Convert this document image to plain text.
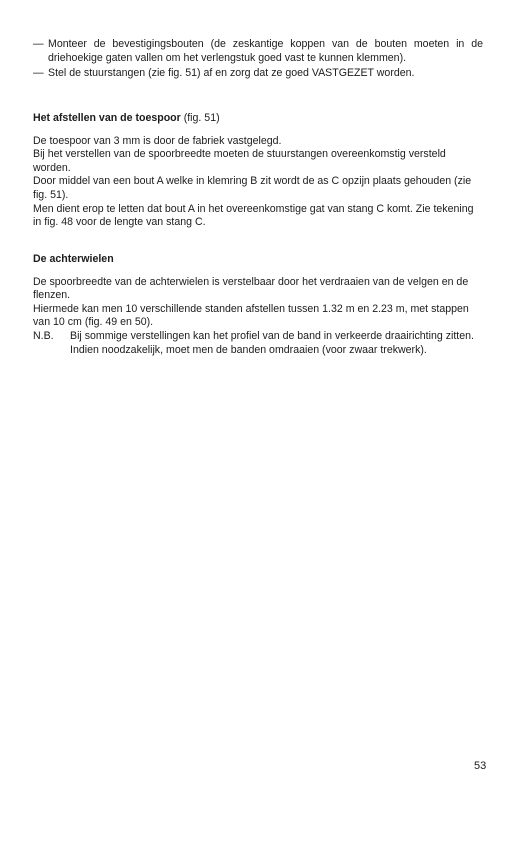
— Monteer de bevestigingsbouten (de zeskantige koppen van de bouten moeten in de driehoekige gaten vallen om het verlengstuk goed vast te kunnen klemmen).
— Stel de stuurstangen (zie fig. 51) af en zorg dat ze goed VASTGEZET worden.
Het afstellen van de toespoor (fig. 51)

De toespoor van 3 mm is door de fabriek vastgelegd.

Bij het verstellen van de spoorbreedte moeten de stuurstangen overeenkomstig versteld worden.

Door middel van een bout A welke in klemring B zit wordt de as C opzijn plaats gehouden (zie fig. 51).

Men dient erop te letten dat bout A in het overeenkomstige gat van stang C komt. Zie tekening in fig. 48 voor de lengte van stang C.

De achterwielen

De spoorbreedte van de achterwielen is verstelbaar door het verdraaien van de velgen en de flenzen.

Hiermede kan men 10 verschillende standen afstellen tussen 1.32 m en 2.23 m, met stappen van 10 cm (fig. 49 en 50).

N.B.	Bij sommige verstellingen kan het profiel van de band in verkeerde draairichting zitten.

Indien noodzakelijk, moet men de banden omdraaien (voor zwaar trekwerk).

53
